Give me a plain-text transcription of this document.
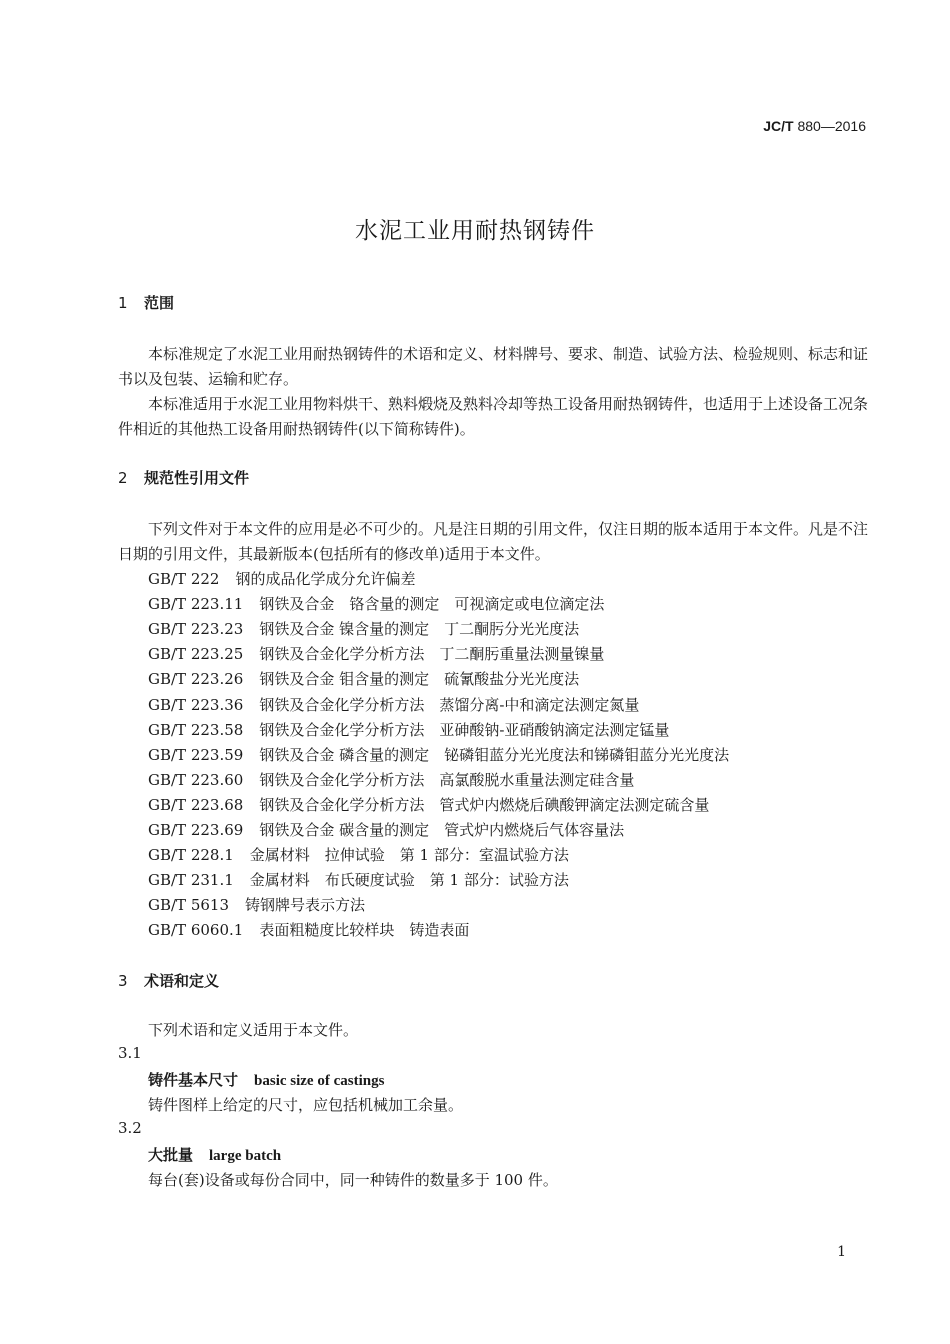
JC/T 880—2016
水泥工业用耐热钢铸件
1 范围
本标准规定了水泥工业用耐热钢铸件的术语和定义、材料牌号、要求、制造、试验方法、检验规则、标志和证书以及包装、运输和贮存。
本标准适用于水泥工业用物料烘干、熟料煅烧及熟料冷却等热工设备用耐热钢铸件，也适用于上述设备工况条件相近的其他热工设备用耐热钢铸件(以下简称铸件)。
2 规范性引用文件
下列文件对于本文件的应用是必不可少的。凡是注日期的引用文件，仅注日期的版本适用于本文件。凡是不注日期的引用文件，其最新版本(包括所有的修改单)适用于本文件。
GB/T 222 钢的成品化学成分允许偏差
GB/T 223.11 钢铁及合金　铬含量的测定　可视滴定或电位滴定法
GB/T 223.23 钢铁及合金 镍含量的测定　丁二酮肟分光光度法
GB/T 223.25 钢铁及合金化学分析方法　丁二酮肟重量法测量镍量
GB/T 223.26 钢铁及合金 钼含量的测定　硫氰酸盐分光光度法
GB/T 223.36 钢铁及合金化学分析方法　蒸馏分离-中和滴定法测定氮量
GB/T 223.58 钢铁及合金化学分析方法　亚砷酸钠-亚硝酸钠滴定法测定锰量
GB/T 223.59 钢铁及合金 磷含量的测定　铋磷钼蓝分光光度法和锑磷钼蓝分光光度法
GB/T 223.60 钢铁及合金化学分析方法　高氯酸脱水重量法测定硅含量
GB/T 223.68 钢铁及合金化学分析方法　管式炉内燃烧后碘酸钾滴定法测定硫含量
GB/T 223.69 钢铁及合金 碳含量的测定　管式炉内燃烧后气体容量法
GB/T 228.1 金属材料　拉伸试验　第 1 部分：室温试验方法
GB/T 231.1 金属材料　布氏硬度试验　第 1 部分：试验方法
GB/T 5613 铸钢牌号表示方法
GB/T 6060.1 表面粗糙度比较样块　铸造表面
3 术语和定义
下列术语和定义适用于本文件。
3.1
铸件基本尺寸 basic size of castings
铸件图样上给定的尺寸，应包括机械加工余量。
3.2
大批量 large batch
每台(套)设备或每份合同中，同一种铸件的数量多于 100 件。
1
